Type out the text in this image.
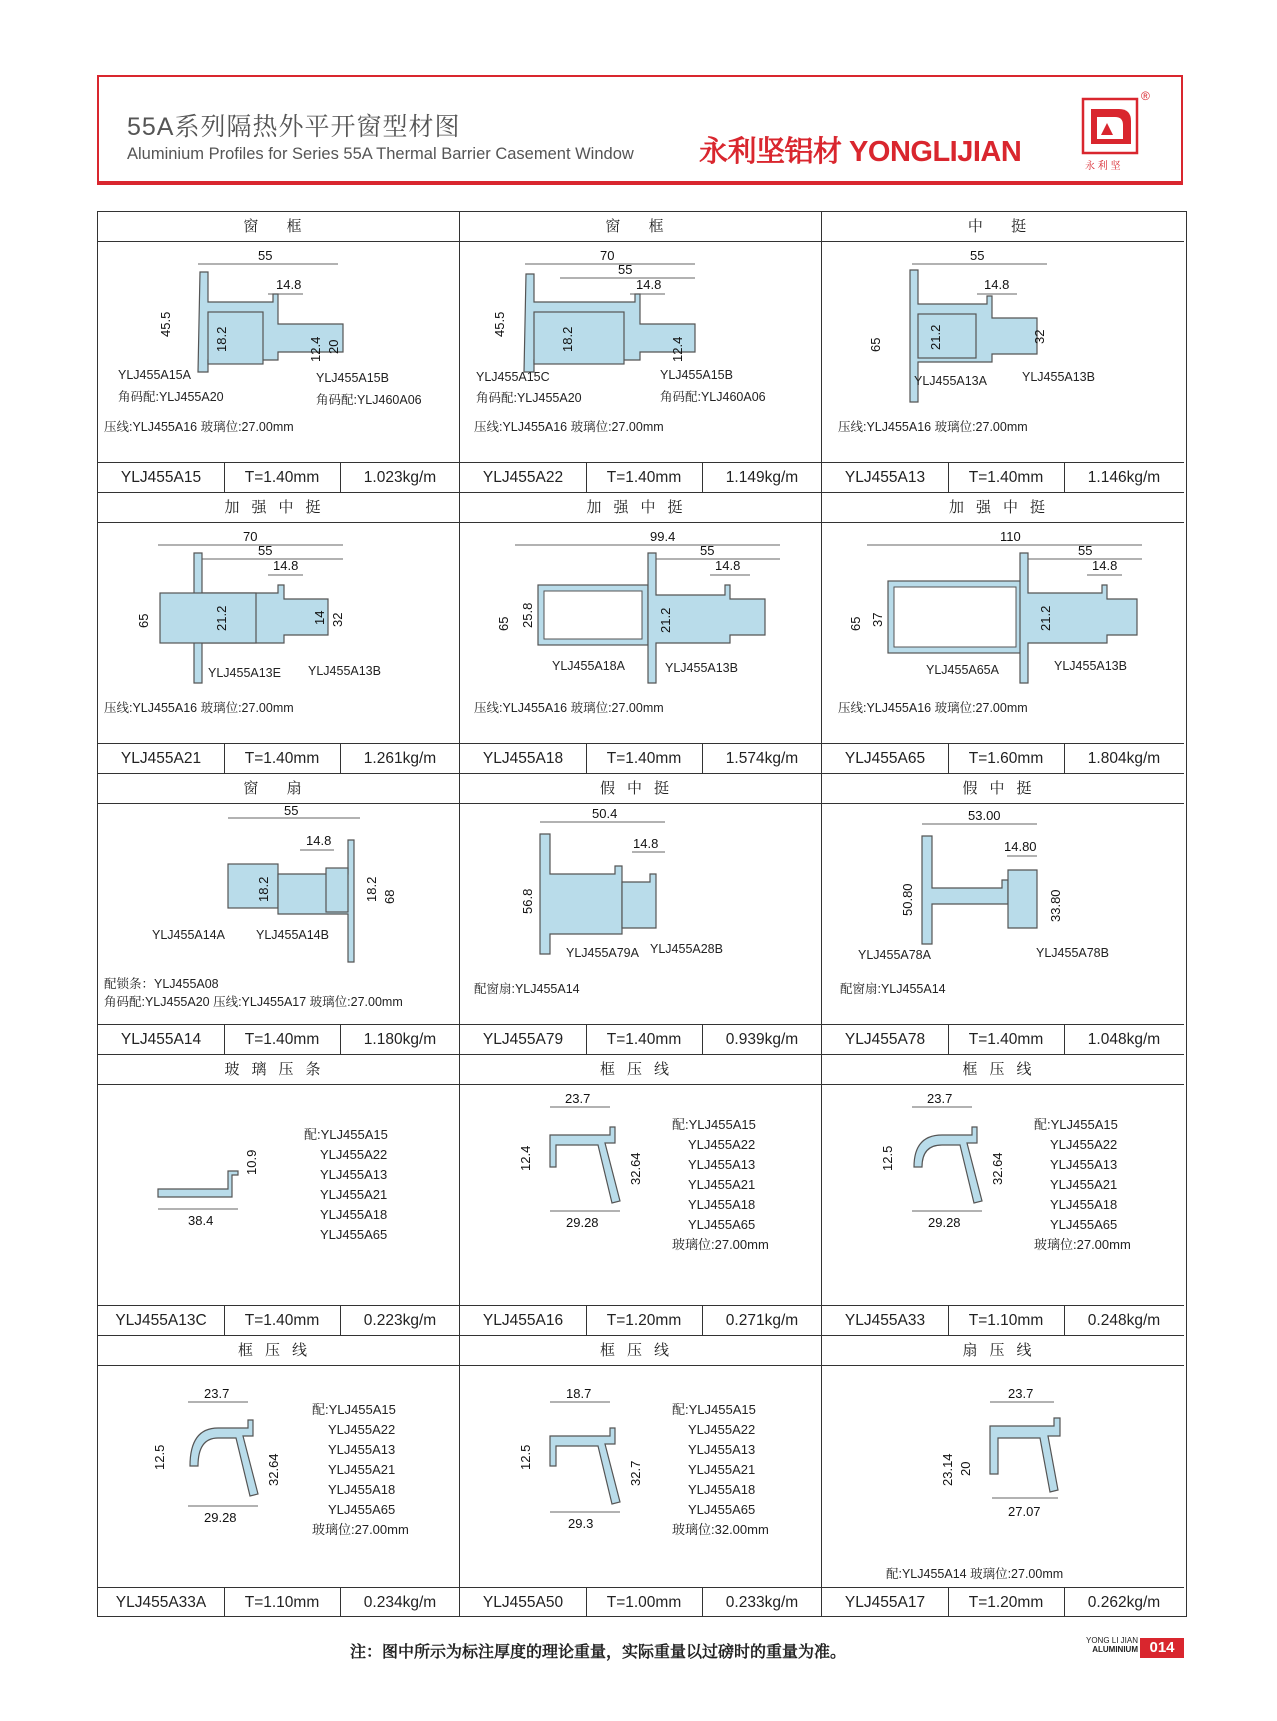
55A系列隔热外平开窗型材图
Aluminium Profiles for Series 55A Thermal Barrier Casement Window 永利坚铝材 YONGLIJIAN	永 利 坚
®
窗 框
55
14.8
45.5
18.2	12.4 20
YLJ455A15A
角码配:YLJ455A20
YLJ455A15B
角码配:YLJ460A06
压线:YLJ455A16 玻璃位:27.00mm
YLJ455A15	T=1.40mm	1.023kg/m
窗 框
70
55
14.8
45.5
18.2	12.4
YLJ455A15C
角码配:YLJ455A20
YLJ455A15B
角码配:YLJ460A06
压线:YLJ455A16 玻璃位:27.00mm
YLJ455A22	T=1.40mm	1.149kg/m
中 挺
55
14.8
65	21.2	32
YLJ455A13A	YLJ455A13B
压线:YLJ455A16 玻璃位:27.00mm
YLJ455A13	T=1.40mm	1.146kg/m
加强中挺
70
55
14.8
65	21.2	14 32
YLJ455A13E YLJ455A13B
压线:YLJ455A16 玻璃位:27.00mm
YLJ455A21	T=1.40mm	1.261kg/m
加强中挺
99.4
55
14.8
65 25.8	21.2
YLJ455A18A	YLJ455A13B
压线:YLJ455A16 玻璃位:27.00mm
YLJ455A18	T=1.40mm	1.574kg/m
加强中挺
110
55
14.8
65 37	21.2
YLJ455A65A	YLJ455A13B
压线:YLJ455A16 玻璃位:27.00mm
YLJ455A65	T=1.60mm	1.804kg/m
窗 扇
55
14.8
18.2	18.2 68
YLJ455A14A YLJ455A14B
配锁条：YLJ455A08
角码配:YLJ455A20 压线:YLJ455A17 玻璃位:27.00mm
YLJ455A14	T=1.40mm	1.180kg/m
假中挺
50.4
14.8
56.8
YLJ455A79A YLJ455A28B
配窗扇:YLJ455A14
YLJ455A79	T=1.40mm	0.939kg/m
假中挺
53.00
14.80
50.80	33.80
YLJ455A78A	YLJ455A78B
配窗扇:YLJ455A14
YLJ455A78	T=1.40mm	1.048kg/m
玻璃压条
10.9
38.4
配:YLJ455A15
YLJ455A22
YLJ455A13
YLJ455A21
YLJ455A18
YLJ455A65
YLJ455A13C	T=1.40mm	0.223kg/m
框压线
23.7
12.4	32.64
29.28
配:YLJ455A15
YLJ455A22
YLJ455A13
YLJ455A21
YLJ455A18
YLJ455A65
玻璃位:27.00mm
YLJ455A16	T=1.20mm	0.271kg/m
框压线
23.7
12.5	32.64
29.28
配:YLJ455A15
YLJ455A22
YLJ455A13
YLJ455A21
YLJ455A18
YLJ455A65
玻璃位:27.00mm
YLJ455A33	T=1.10mm	0.248kg/m
框压线
23.7
12.5	32.64
29.28
配:YLJ455A15
YLJ455A22
YLJ455A13
YLJ455A21
YLJ455A18
YLJ455A65
玻璃位:27.00mm
YLJ455A33A	T=1.10mm	0.234kg/m
框压线
18.7
12.5
32.7
29.3
配:YLJ455A15
YLJ455A22
YLJ455A13
YLJ455A21
YLJ455A18
YLJ455A65
玻璃位:32.00mm
YLJ455A50	T=1.00mm	0.233kg/m
扇压线
23.7
23.14 20
27.07
配:YLJ455A14 玻璃位:27.00mm
YLJ455A17	T=1.20mm	0.262kg/m
注：图中所示为标注厚度的理论重量，实际重量以过磅时的重量为准。
YONG LI JIAN
ALUMINIUM 014
